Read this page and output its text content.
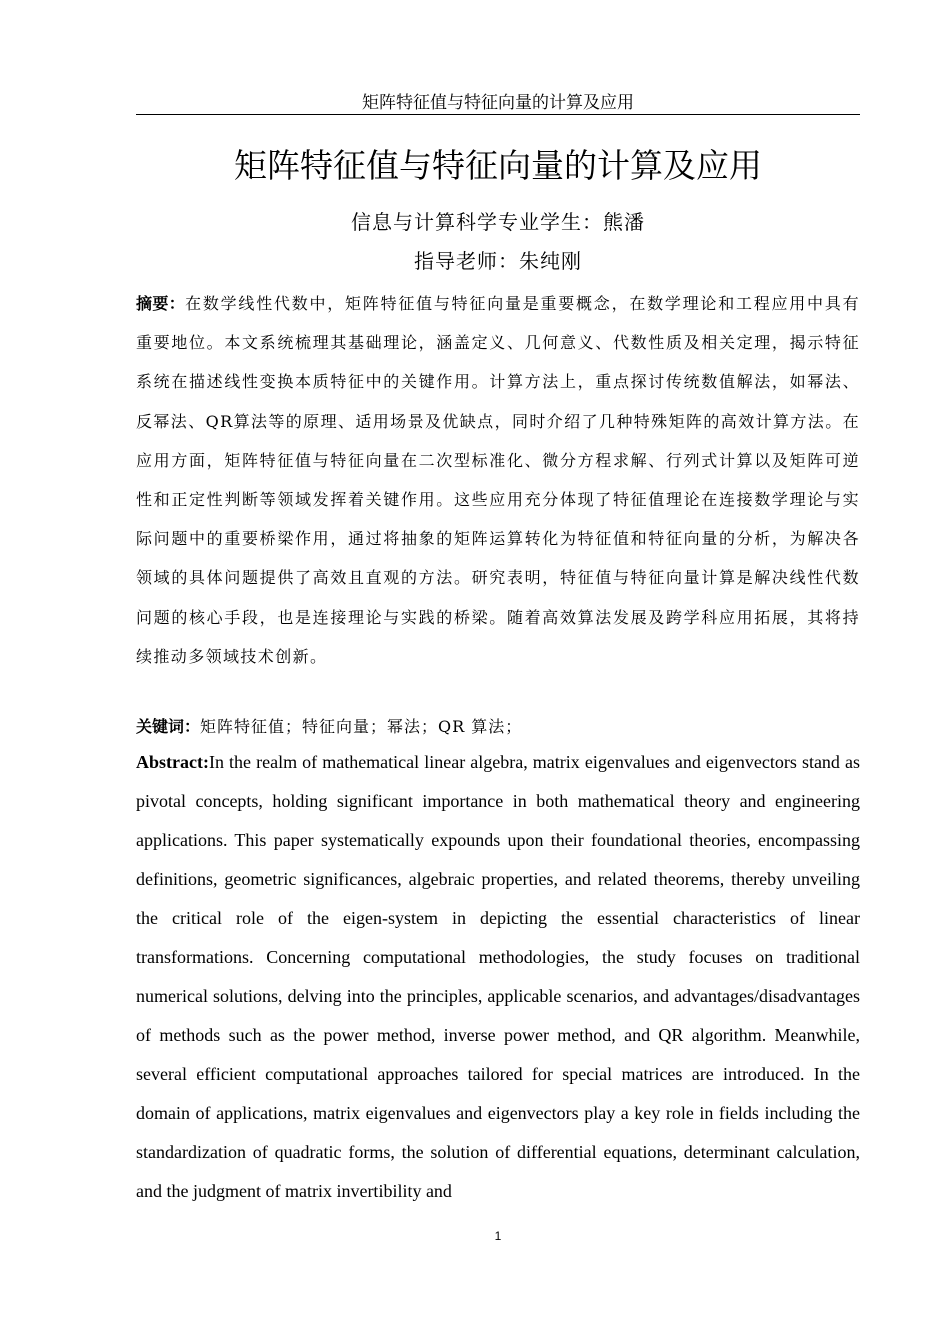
矩阵特征值与特征向量的计算及应用
矩阵特征值与特征向量的计算及应用
信息与计算科学专业学生：熊潘
指导老师：朱纯刚

摘要：在数学线性代数中，矩阵特征值与特征向量是重要概念，在数学理论和工程应用中具有重要地位。本文系统梳理其基础理论，涵盖定义、几何意义、代数性质及相关定理，揭示特征系统在描述线性变换本质特征中的关键作用。计算方法上，重点探讨传统数值解法，如幂法、反幂法、QR算法等的原理、适用场景及优缺点，同时介绍了几种特殊矩阵的高效计算方法。在应用方面，矩阵特征值与特征向量在二次型标准化、微分方程求解、行列式计算以及矩阵可逆性和正定性判断等领域发挥着关键作用。这些应用充分体现了特征值理论在连接数学理论与实际问题中的重要桥梁作用，通过将抽象的矩阵运算转化为特征值和特征向量的分析，为解决各领域的具体问题提供了高效且直观的方法。研究表明，特征值与特征向量计算是解决线性代数问题的核心手段，也是连接理论与实践的桥梁。随着高效算法发展及跨学科应用拓展，其将持续推动多领域技术创新。

关键词：矩阵特征值；特征向量；幂法；QR 算法；

Abstract:In the realm of mathematical linear algebra, matrix eigenvalues and eigenvectors stand as pivotal concepts, holding significant importance in both mathematical theory and engineering applications. This paper systematically expounds upon their foundational theories, encompassing definitions, geometric significances, algebraic properties, and related theorems, thereby unveiling the critical role of the eigen-system in depicting the essential characteristics of linear transformations. Concerning computational methodologies, the study focuses on traditional numerical solutions, delving into the principles, applicable scenarios, and advantages/disadvantages of methods such as the power method, inverse power method, and QR algorithm. Meanwhile, several efficient computational approaches tailored for special matrices are introduced. In the domain of applications, matrix eigenvalues and eigenvectors play a key role in fields including the standardization of quadratic forms, the solution of differential equations, determinant calculation, and the judgment of matrix invertibility and

1
